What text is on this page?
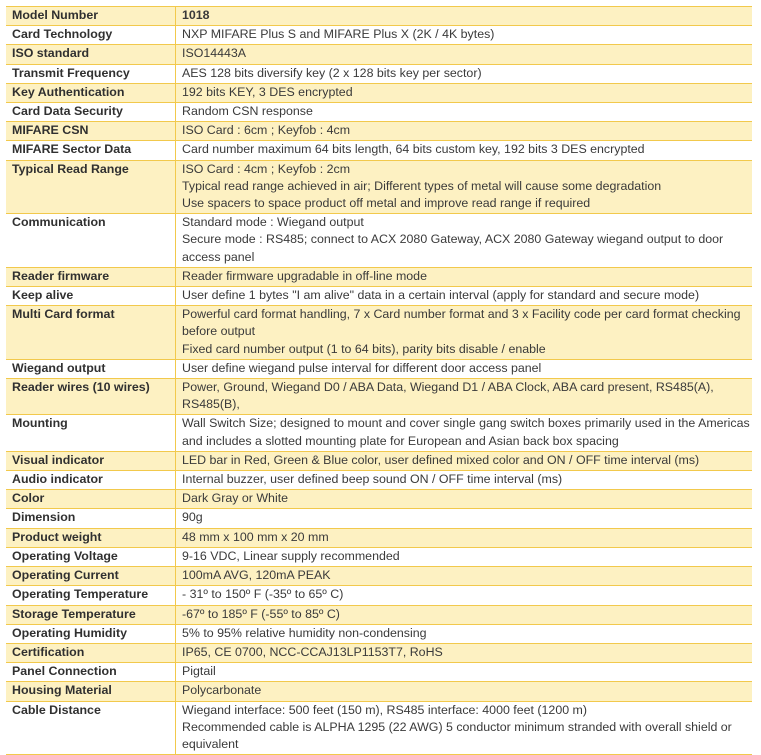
Model Number	1018

Card Technology	NXP MIFARE Plus S and MIFARE Plus X (2K / 4K bytes)

ISO standard	ISO14443A

Transmit Frequency	AES 128 bits diversify key (2 x 128 bits key per sector)

Key Authentication	192 bits KEY, 3 DES encrypted

Card Data Security	Random CSN response

MIFARE CSN	ISO Card : 6cm ; Keyfob : 4cm

MIFARE Sector Data	Card number maximum 64 bits length, 64 bits custom key, 192 bits 3 DES encrypted

Typical Read Range	ISO Card : 4cm ; Keyfob : 2cm
Typical read range achieved in air; Different types of metal will cause some degradation
Use spacers to space product off metal and improve read range if required

Communication	Standard mode : Wiegand output
Secure mode : RS485; connect to ACX 2080 Gateway, ACX 2080 Gateway wiegand output to door access panel

Reader firmware	Reader firmware upgradable in off-line mode

Keep alive	User define 1 bytes "I am alive" data in a certain interval (apply for standard and secure mode)

Multi Card format	Powerful card format handling, 7 x Card number format and 3 x Facility code per card format checking before output
Fixed card number output (1 to 64 bits), parity bits disable / enable

Wiegand output	User define wiegand pulse interval for different door access panel

Reader wires (10 wires)	Power, Ground, Wiegand D0 / ABA Data, Wiegand D1 / ABA Clock, ABA card present, RS485(A), RS485(B),

Mounting	Wall Switch Size; designed to mount and cover single gang switch boxes primarily used in the Americas and includes a slotted mounting plate for European and Asian back box spacing

Visual indicator	LED bar in Red, Green & Blue color, user defined mixed color and ON / OFF time interval (ms)

Audio indicator	Internal buzzer, user defined beep sound ON / OFF time interval (ms)

Color	Dark Gray or White

Dimension	90g

Product weight	48 mm x 100 mm x 20 mm

Operating Voltage	9-16 VDC, Linear supply recommended

Operating Current	100mA AVG, 120mA PEAK

Operating Temperature	- 31º to 150º F (-35º to 65º C)

Storage Temperature	-67º to 185º F (-55º to 85º C)

Operating Humidity	5% to 95% relative humidity non-condensing

Certification	IP65, CE 0700, NCC-CCAJ13LP1153T7, RoHS

Panel Connection	Pigtail

Housing Material	Polycarbonate

Cable Distance	Wiegand interface: 500 feet (150 m), RS485 interface: 4000 feet (1200 m)
Recommended cable is ALPHA 1295 (22 AWG) 5 conductor minimum stranded with overall shield or equivalent
